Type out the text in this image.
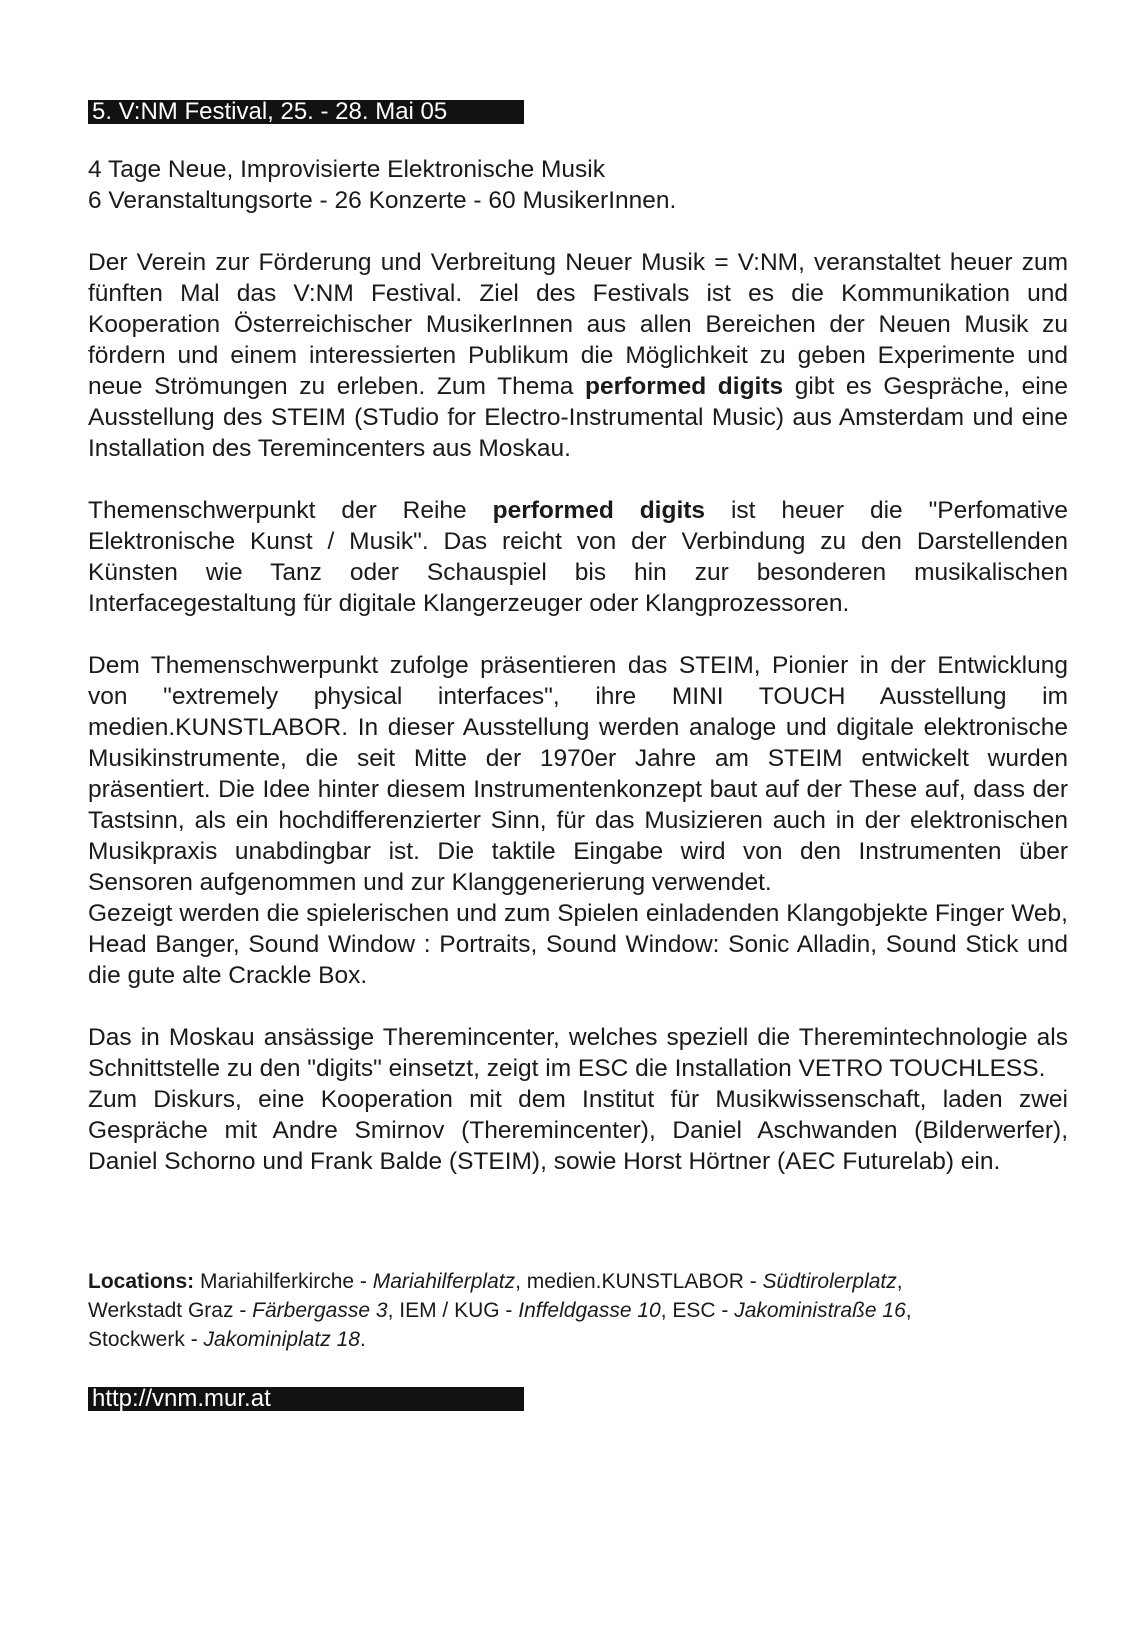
5. V:NM Festival, 25. - 28. Mai 05
4 Tage Neue, Improvisierte Elektronische Musik
6 Veranstaltungsorte - 26 Konzerte - 60 MusikerInnen.
Der Verein zur Förderung und Verbreitung Neuer Musik = V:NM, veranstaltet heuer zum fünften Mal das V:NM Festival. Ziel des Festivals ist es die Kommunikation und Kooperation Österreichischer MusikerInnen aus allen Bereichen der Neuen Musik zu fördern und einem interessierten Publikum die Möglichkeit zu geben Experimente und neue Strömungen zu erleben. Zum Thema performed digits gibt es Gespräche, eine Ausstellung des STEIM (STudio for Electro-Instrumental Music) aus Amsterdam und eine Installation des Teremincenters aus Moskau.
Themenschwerpunkt der Reihe performed digits ist heuer die "Perfomative Elektronische Kunst / Musik". Das reicht von der Verbindung zu den Darstellenden Künsten wie Tanz oder Schauspiel bis hin zur besonderen musikalischen Interfacegestaltung für digitale Klangerzeuger oder Klangprozessoren.
Dem Themenschwerpunkt zufolge präsentieren das STEIM, Pionier in der Entwicklung von "extremely physical interfaces", ihre MINI TOUCH Ausstellung im medien.KUNSTLABOR. In dieser Ausstellung werden analoge und digitale elektronische Musikinstrumente, die seit Mitte der 1970er Jahre am STEIM entwickelt wurden präsentiert. Die Idee hinter diesem Instrumentenkonzept baut auf der These auf, dass der Tastsinn, als ein hochdifferenzierter Sinn, für das Musizieren auch in der elektronischen Musikpraxis unabdingbar ist. Die taktile Eingabe wird von den Instrumenten über Sensoren aufgenommen und zur Klanggenerierung verwendet.
Gezeigt werden die spielerischen und zum Spielen einladenden Klangobjekte Finger Web, Head Banger, Sound Window : Portraits, Sound Window: Sonic Alladin, Sound Stick und die gute alte Crackle Box.
Das in Moskau ansässige Theremincenter, welches speziell die Theremintechnologie als Schnittstelle zu den "digits" einsetzt, zeigt im ESC die Installation VETRO TOUCHLESS.
Zum Diskurs, eine Kooperation mit dem Institut für Musikwissenschaft, laden zwei Gespräche mit Andre Smirnov (Theremincenter), Daniel Aschwanden (Bilderwerfer), Daniel Schorno und Frank Balde (STEIM), sowie Horst Hörtner (AEC Futurelab) ein.
Locations: Mariahilferkirche - Mariahilferplatz, medien.KUNSTLABOR - Südtirolerplatz,
Werkstadt Graz - Färbergasse 3, IEM / KUG - Inffeldgasse 10, ESC - Jakoministraße 16,
Stockwerk - Jakominiplatz 18.
http://vnm.mur.at
